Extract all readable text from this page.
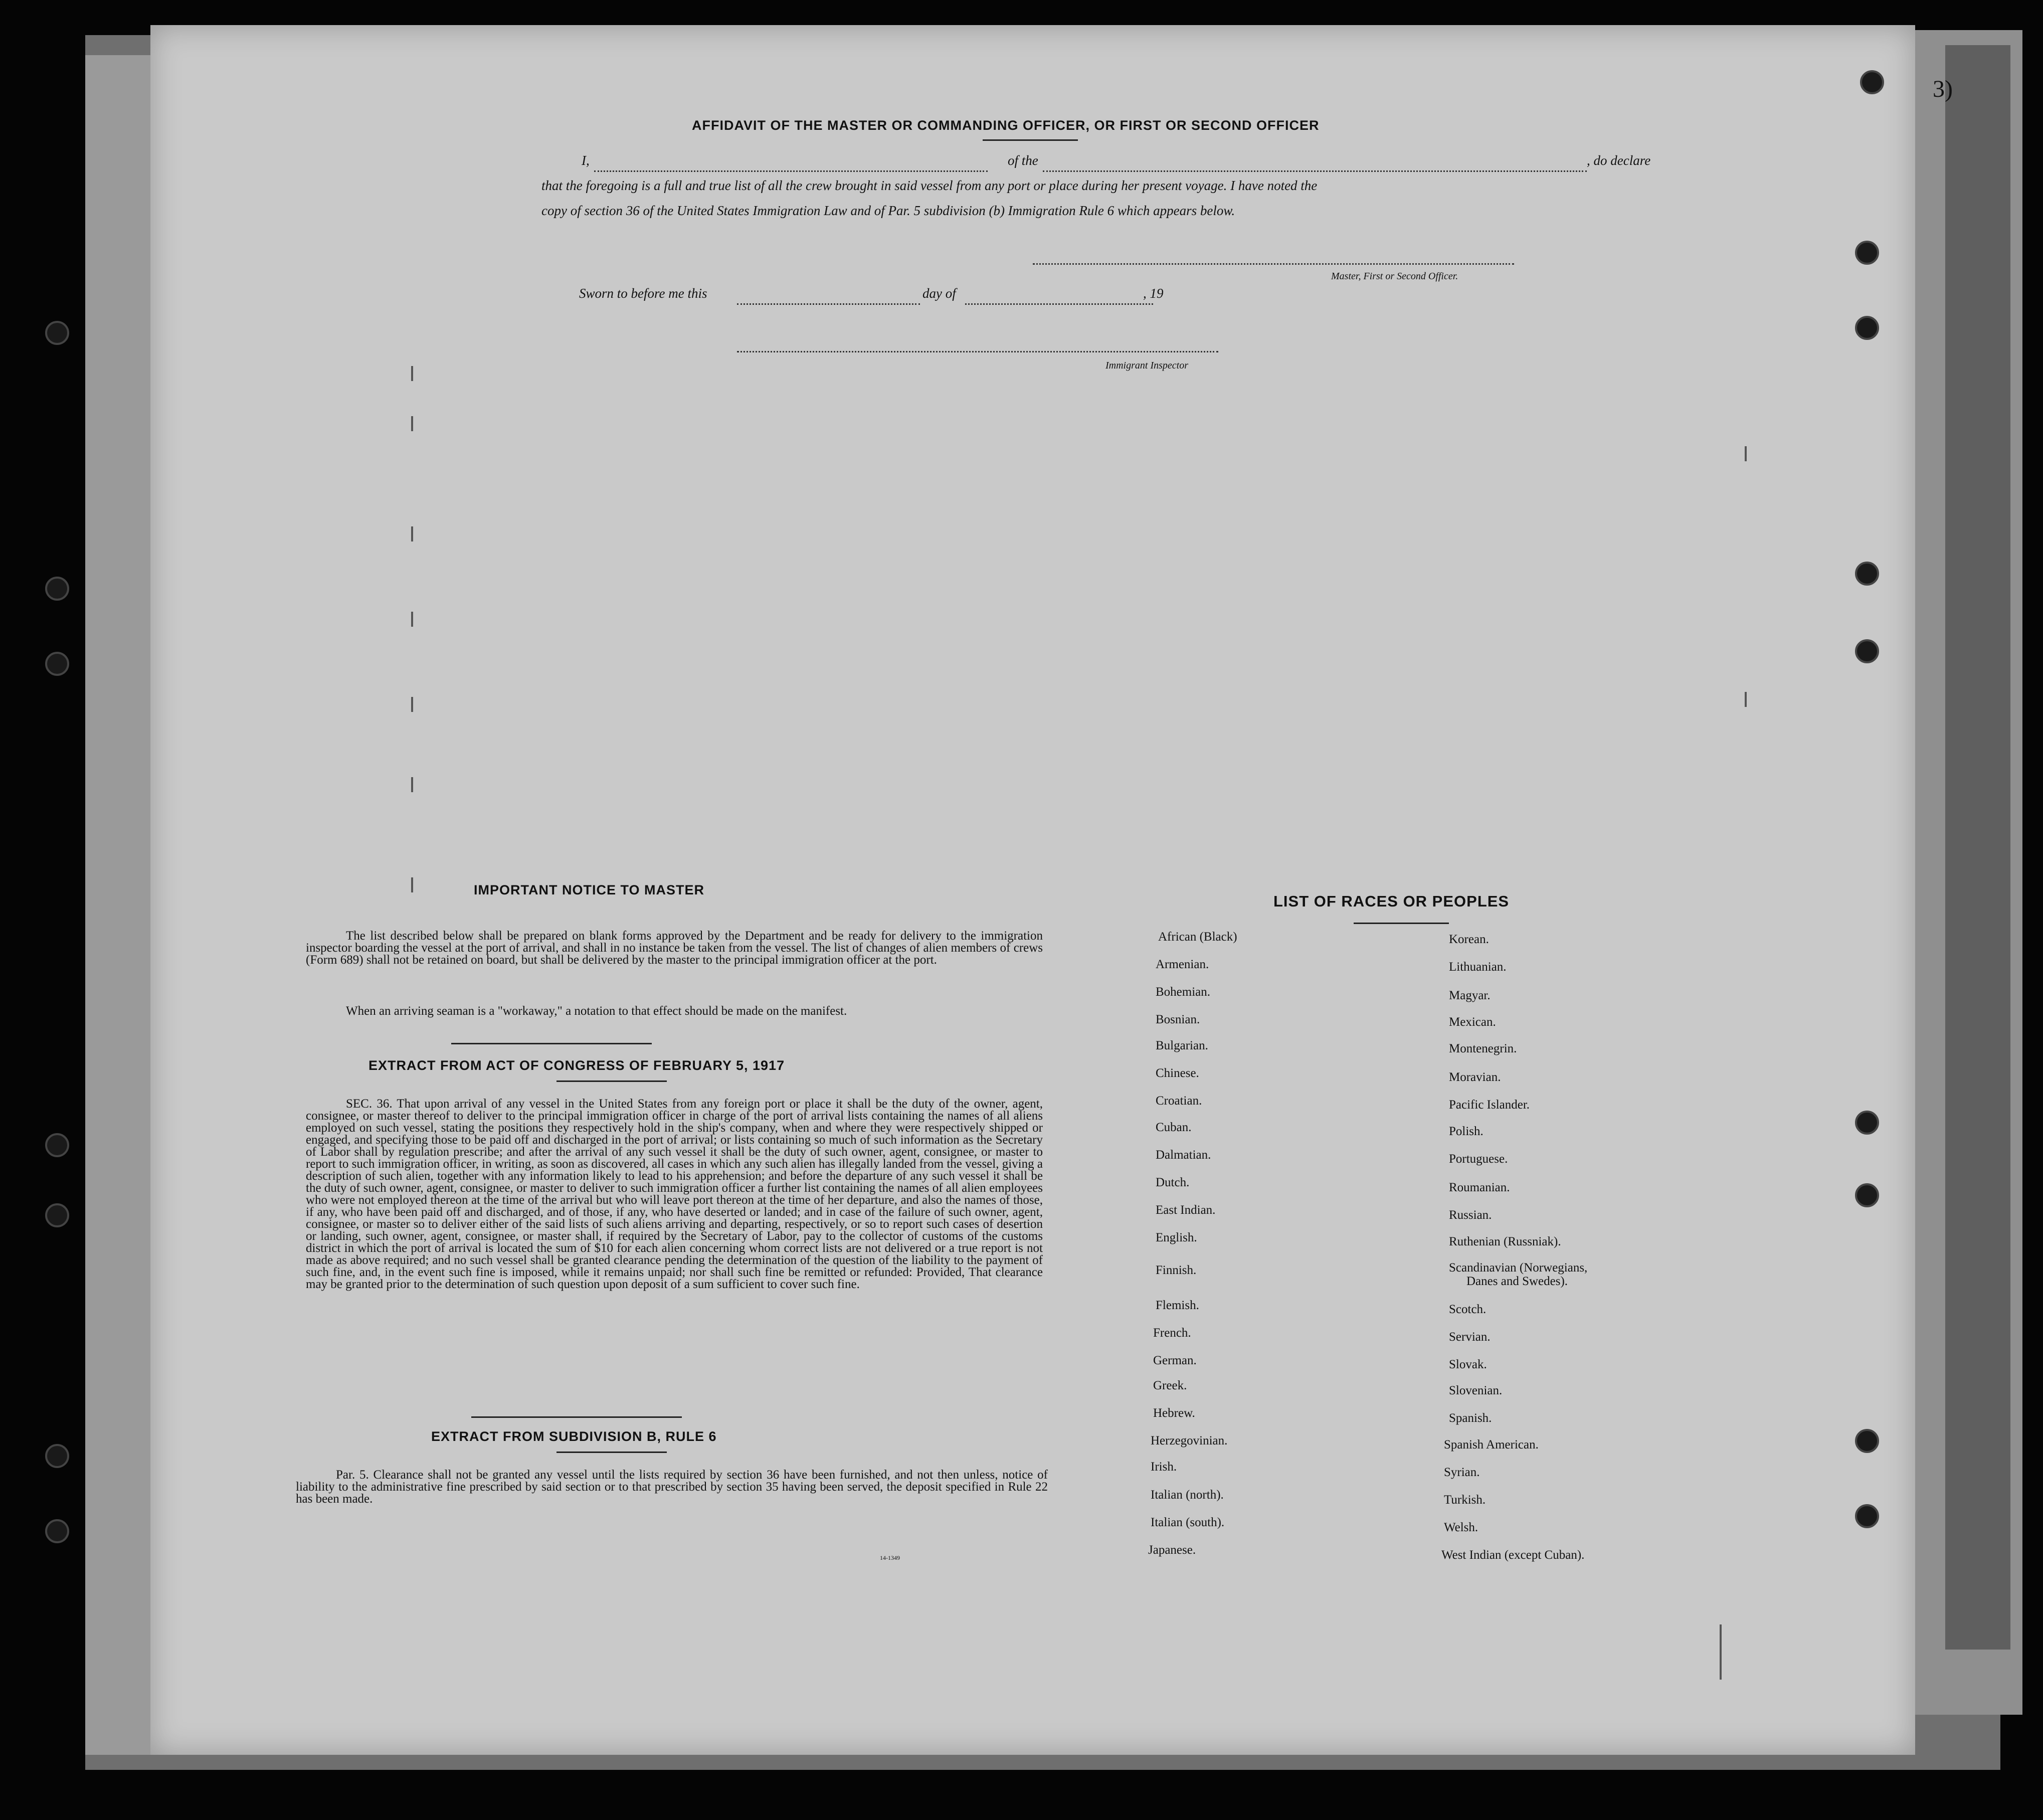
3)
AFFIDAVIT OF THE MASTER OR COMMANDING OFFICER, OR FIRST OR SECOND OFFICER
I,	of the	, do declare
that the foregoing is a full and true list of all the crew brought in said vessel from any port or place during her present voyage. I have noted the
copy of section 36 of the United States Immigration Law and of Par. 5 subdivision (b) Immigration Rule 6 which appears below.
Master, First or Second Officer.
Sworn to before me this	day of	, 19
Immigrant Inspector
IMPORTANT NOTICE TO MASTER
The list described below shall be prepared on blank forms approved by the Department and be ready for delivery to the immigration inspector boarding the vessel at the port of arrival, and shall in no instance be taken from the vessel. The list of changes of alien members of crews (Form 689) shall not be retained on board, but shall be delivered by the master to the principal immigration officer at the port.
When an arriving seaman is a "workaway," a notation to that effect should be made on the manifest.
EXTRACT FROM ACT OF CONGRESS OF FEBRUARY 5, 1917
SEC. 36. That upon arrival of any vessel in the United States from any foreign port or place it shall be the duty of the owner, agent, consignee, or master thereof to deliver to the principal immigration officer in charge of the port of arrival lists containing the names of all aliens employed on such vessel, stating the positions they respectively hold in the ship's company, when and where they were respectively shipped or engaged, and specifying those to be paid off and discharged in the port of arrival; or lists containing so much of such information as the Secretary of Labor shall by regulation prescribe; and after the arrival of any such vessel it shall be the duty of such owner, agent, consignee, or master to report to such immigration officer, in writing, as soon as discovered, all cases in which any such alien has illegally landed from the vessel, giving a description of such alien, together with any information likely to lead to his apprehension; and before the departure of any such vessel it shall be the duty of such owner, agent, consignee, or master to deliver to such immigration officer a further list containing the names of all alien employees who were not employed thereon at the time of the arrival but who will leave port thereon at the time of her departure, and also the names of those, if any, who have been paid off and discharged, and of those, if any, who have deserted or landed; and in case of the failure of such owner, agent, consignee, or master so to deliver either of the said lists of such aliens arriving and departing, respectively, or so to report such cases of desertion or landing, such owner, agent, consignee, or master shall, if required by the Secretary of Labor, pay to the collector of customs of the customs district in which the port of arrival is located the sum of $10 for each alien concerning whom correct lists are not delivered or a true report is not made as above required; and no such vessel shall be granted clearance pending the determination of the question of the liability to the payment of such fine, and, in the event such fine is imposed, while it remains unpaid; nor shall such fine be remitted or refunded: Provided, That clearance may be granted prior to the determination of such question upon deposit of a sum sufficient to cover such fine.
EXTRACT FROM SUBDIVISION B, RULE 6
Par. 5. Clearance shall not be granted any vessel until the lists required by section 36 have been furnished, and not then unless, notice of liability to the administrative fine prescribed by said section or to that prescribed by section 35 having been served, the deposit specified in Rule 22 has been made.
14-1349
LIST OF RACES OR PEOPLES
African (Black)
Armenian.
Bohemian.
Bosnian.
Bulgarian.
Chinese.
Croatian.
Cuban.
Dalmatian.
Dutch.
East Indian.
English.
Finnish.
Flemish.
French.
German.
Greek.
Hebrew.
Herzegovinian.
Irish.
Italian (north).
Italian (south).
Japanese.
Korean.
Lithuanian.
Magyar.
Mexican.
Montenegrin.
Moravian.
Pacific Islander.
Polish.
Portuguese.
Roumanian.
Russian.
Ruthenian (Russniak).
Scandinavian (Norwegians,
Danes and Swedes).
Scotch.
Servian.
Slovak.
Slovenian.
Spanish.
Spanish American.
Syrian.
Turkish.
Welsh.
West Indian (except Cuban).
